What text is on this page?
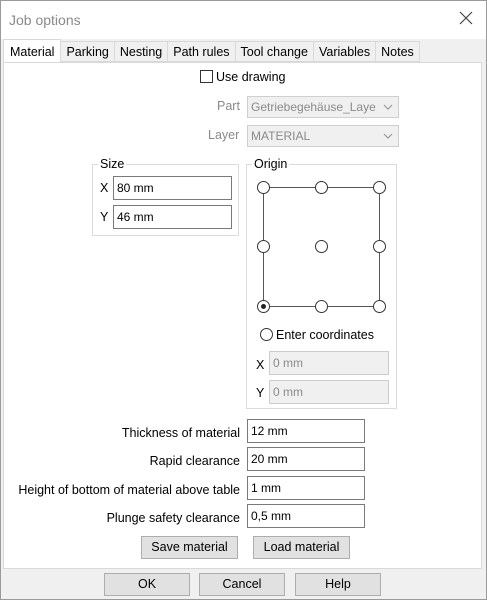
Job options
Material Parking Nesting Path rules Tool change Variables Notes
Use drawing
Part Getriebegehäuse_Laye
Layer MATERIAL
Size
X 80 mm
Y 46 mm
Origin
Enter coordinates
X 0 mm
Y 0 mm
Thickness of material 12 mm
Rapid clearance 20 mm
Height of bottom of material above table 1 mm
Plunge safety clearance 0,5 mm
Save material	Load material
OK	Cancel	Help
